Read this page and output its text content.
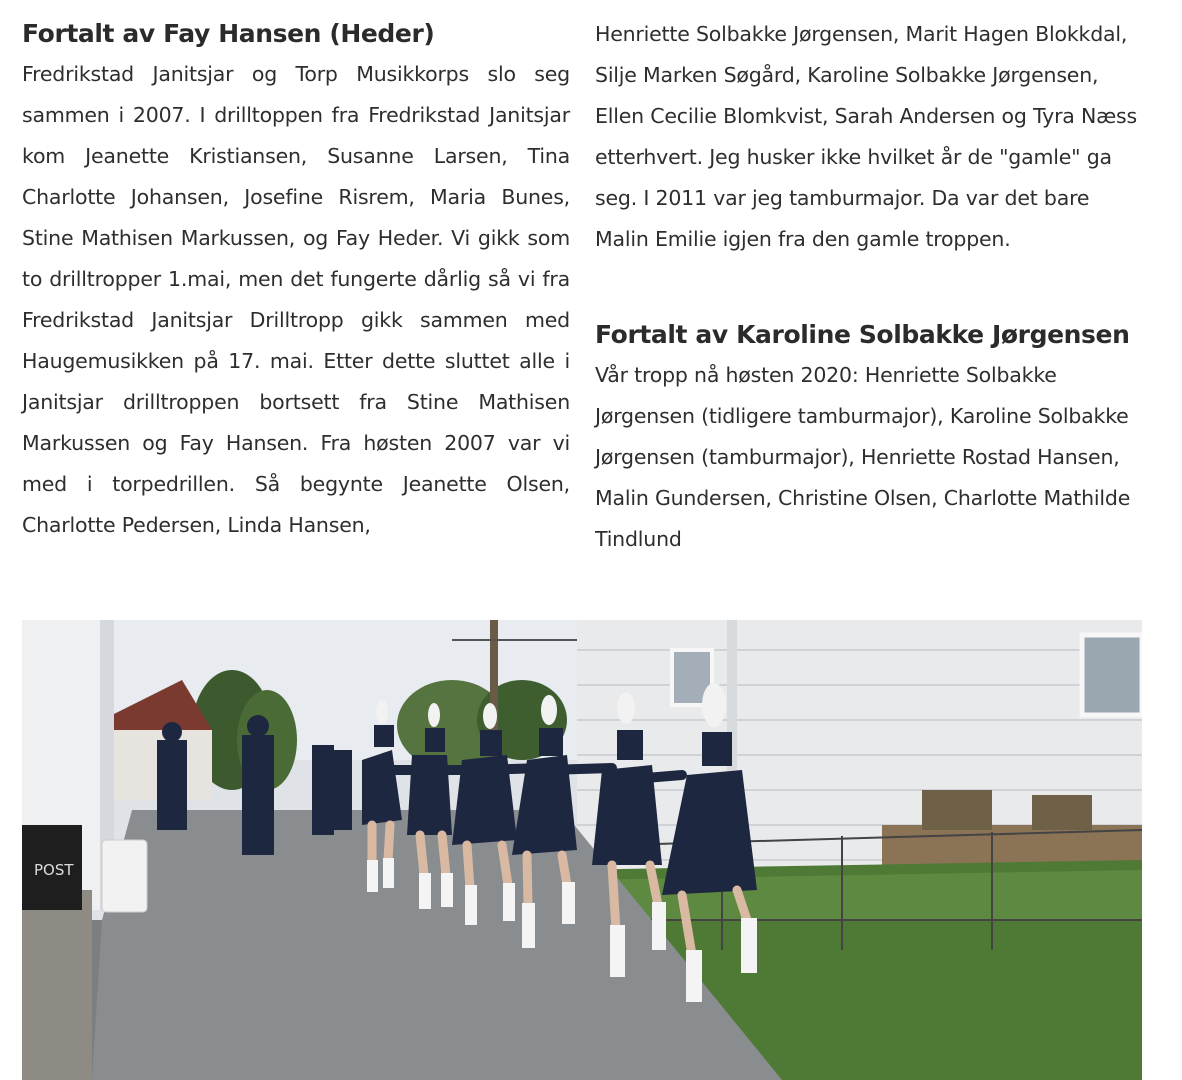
Fortalt av Fay Hansen (Heder)

Fredrikstad Janitsjar og Torp Musikkorps slo seg sammen i 2007. I drilltoppen fra Fredrikstad Janitsjar kom Jeanette Kristiansen, Susanne Larsen, Tina Charlotte Johansen, Josefine Risrem, Maria Bunes, Stine Mathisen Markussen, og Fay Heder. Vi gikk som to drilltropper 1.mai, men det fungerte dårlig så vi fra Fredrikstad Janitsjar Drilltropp gikk sammen med Haugemusikken på 17. mai. Etter dette sluttet alle i Janitsjar drilltroppen bortsett fra Stine Mathisen Markussen og Fay Hansen. Fra høsten 2007 var vi med i torpedrillen. Så begynte Jeanette Olsen, Charlotte Pedersen, Linda Hansen,

Henriette Solbakke Jørgensen, Marit Hagen Blokkdal, Silje Marken Søgård, Karoline Solbakke Jørgensen, Ellen Cecilie Blomkvist, Sarah Andersen og Tyra Næss etterhvert. Jeg husker ikke hvilket år de "gamle" ga seg. I 2011 var jeg tamburmajor. Da var det bare Malin Emilie igjen fra den gamle troppen.

Fortalt av Karoline Solbakke Jørgensen

Vår tropp nå høsten 2020: Henriette Solbakke Jørgensen (tidligere tamburmajor), Karoline Solbakke Jørgensen (tamburmajor), Henriette Rostad Hansen, Malin Gundersen, Christine Olsen, Charlotte Mathilde Tindlund

POST
